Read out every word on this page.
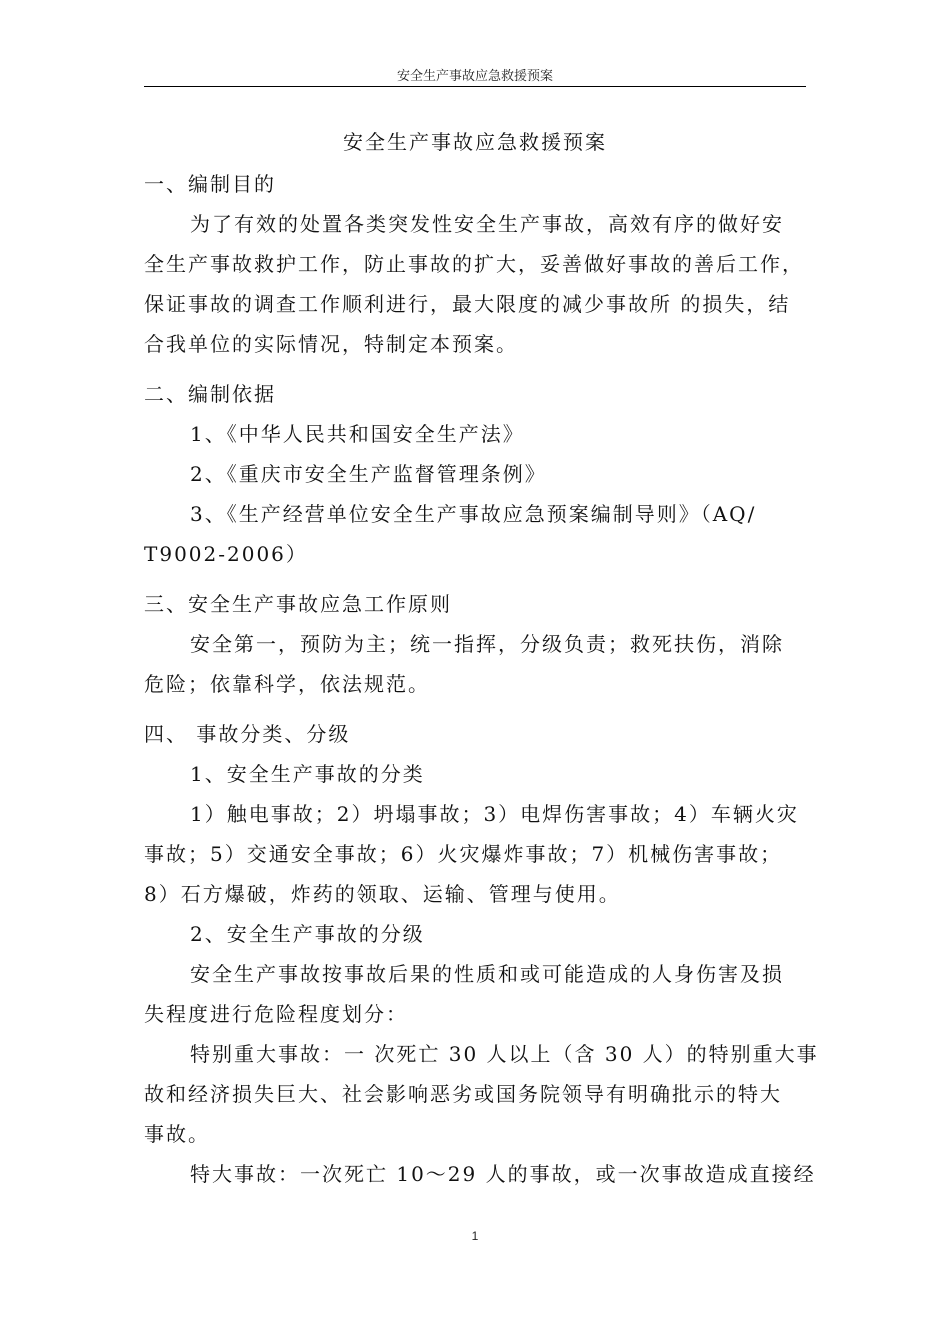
安全生产事故应急救援预案
安全生产事故应急救援预案
一、编制目的
为了有效的处置各类突发性安全生产事故，高效有序的做好安
全生产事故救护工作，防止事故的扩大，妥善做好事故的善后工作，
保证事故的调查工作顺利进行，最大限度的减少事故所 的损失，结
合我单位的实际情况，特制定本预案。
二、编制依据
1、《中华人民共和国安全生产法》
2、《重庆市安全生产监督管理条例》
3、《生产经营单位安全生产事故应急预案编制导则》（AQ/
T9002-2006）
三、安全生产事故应急工作原则
安全第一，预防为主；统一指挥，分级负责；救死扶伤，消除
危险；依靠科学，依法规范。
四、 事故分类、分级
1、安全生产事故的分类
1）触电事故；2）坍塌事故；3）电焊伤害事故；4）车辆火灾
事故；5）交通安全事故；6）火灾爆炸事故；7）机械伤害事故；
8）石方爆破，炸药的领取、运输、管理与使用。
2、安全生产事故的分级
安全生产事故按事故后果的性质和或可能造成的人身伤害及损
失程度进行危险程度划分：
特别重大事故：一 次死亡 30 人以上（含 30 人）的特别重大事
故和经济损失巨大、社会影响恶劣或国务院领导有明确批示的特大
事故。
特大事故：一次死亡 10～29 人的事故，或一次事故造成直接经
1
